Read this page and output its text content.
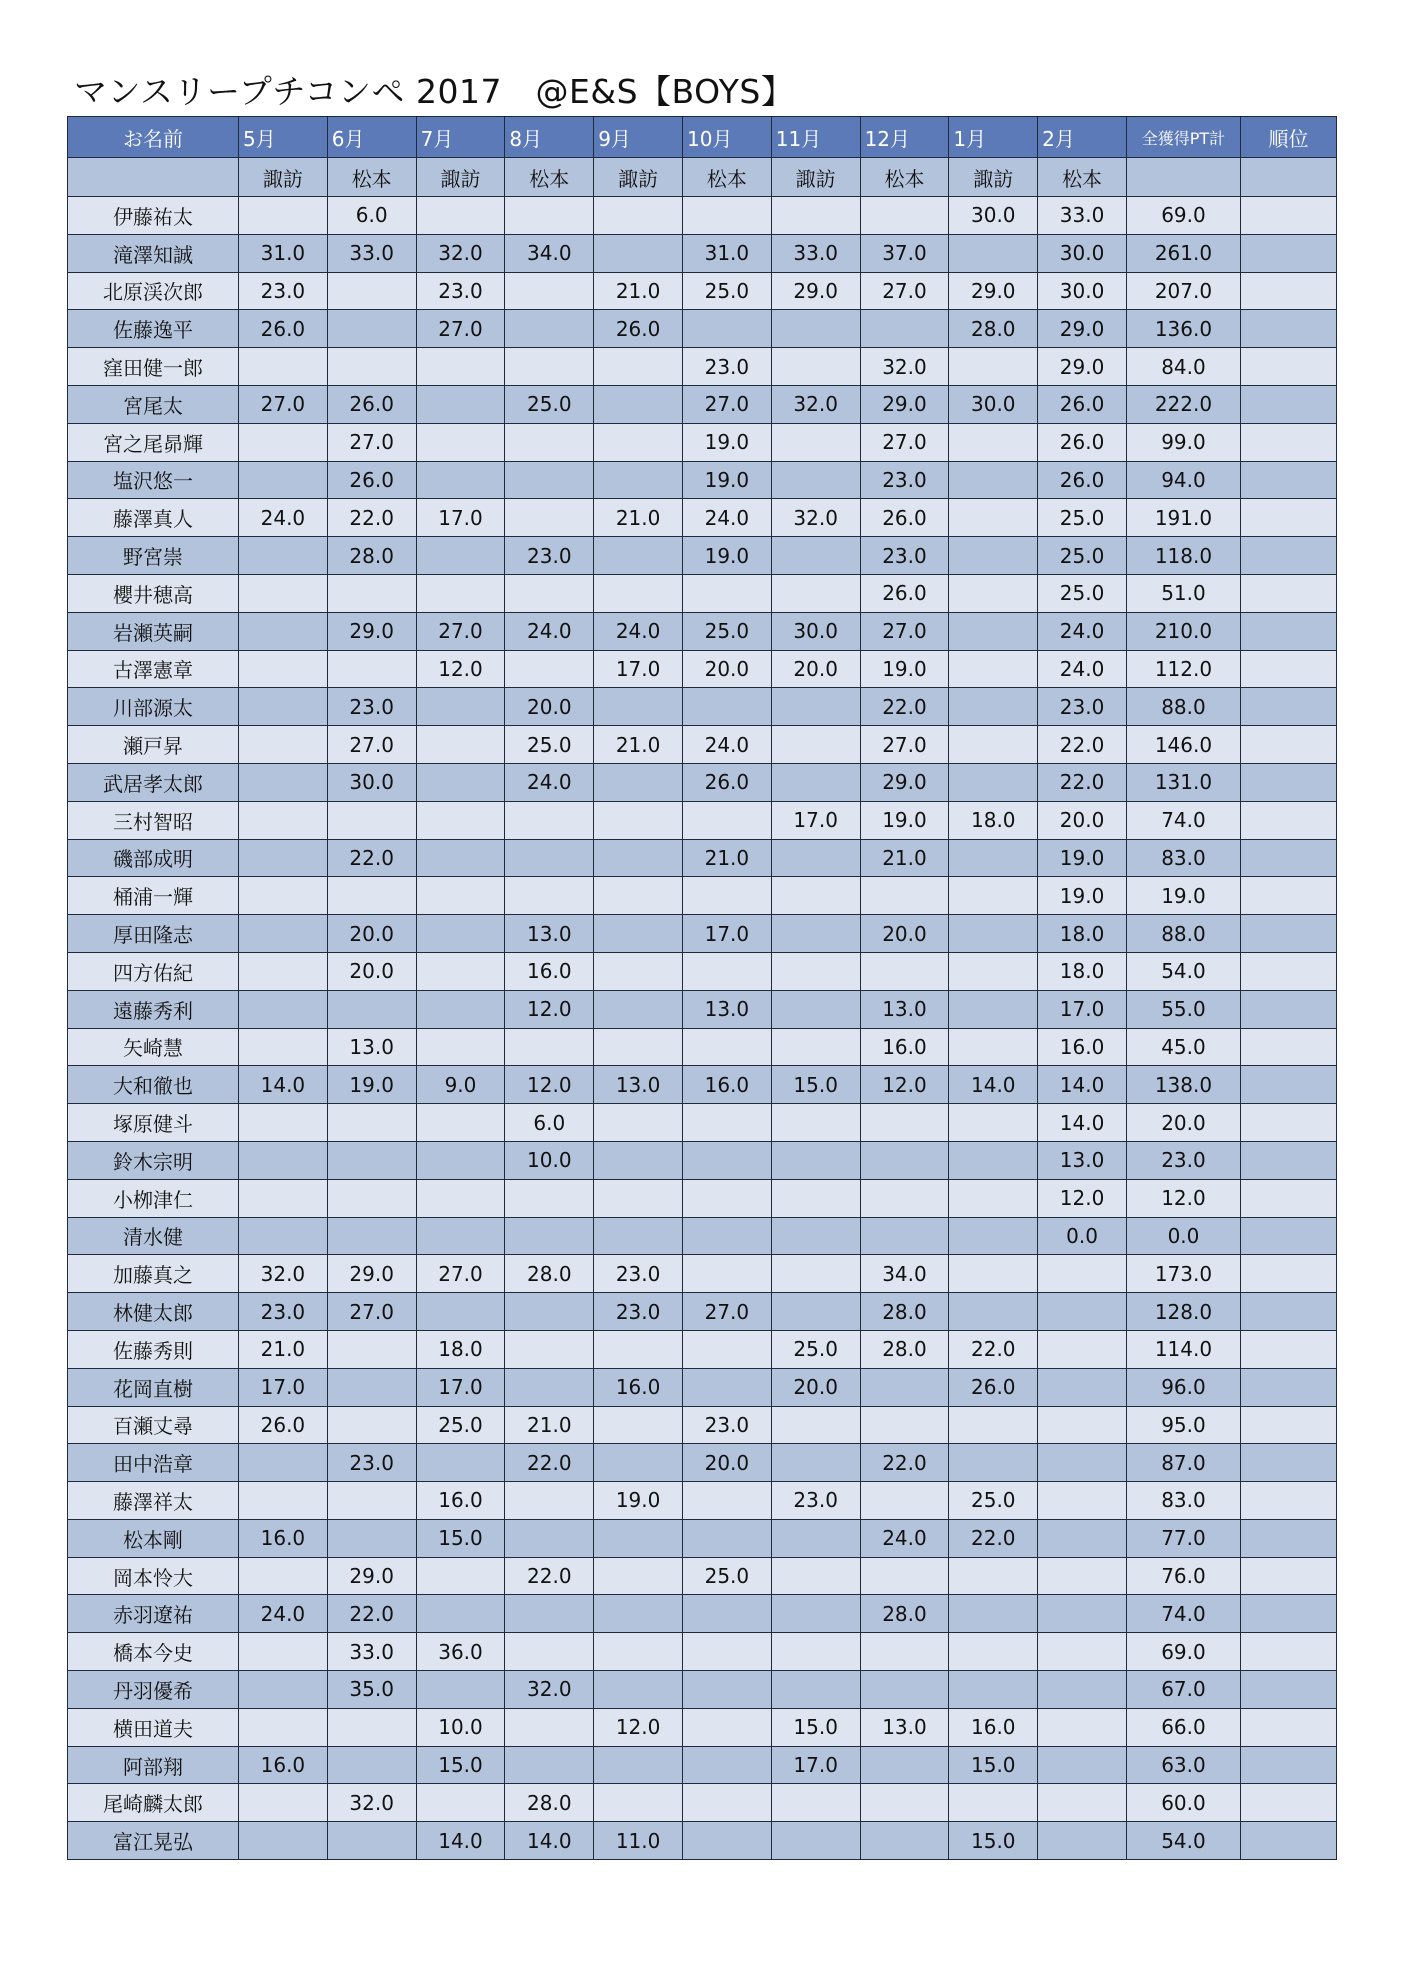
マンスリープチコンペ 2017　@E&S【BOYS】
お名前	5月	6月	7月	8月	9月	10月	11月	12月	1月	2月	全獲得PT計	順位
	諏訪	松本	諏訪	松本	諏訪	松本	諏訪	松本	諏訪	松本		
伊藤祐太		6.0							30.0	33.0	69.0	
滝澤知誠	31.0	33.0	32.0	34.0		31.0	33.0	37.0		30.0	261.0	
北原渓次郎	23.0		23.0		21.0	25.0	29.0	27.0	29.0	30.0	207.0	
佐藤逸平	26.0		27.0		26.0				28.0	29.0	136.0	
窪田健一郎						23.0		32.0		29.0	84.0	
宮尾太	27.0	26.0		25.0		27.0	32.0	29.0	30.0	26.0	222.0	
宮之尾昴輝		27.0				19.0		27.0		26.0	99.0	
塩沢悠一		26.0				19.0		23.0		26.0	94.0	
藤澤真人	24.0	22.0	17.0		21.0	24.0	32.0	26.0		25.0	191.0	
野宮崇		28.0		23.0		19.0		23.0		25.0	118.0	
櫻井穂高								26.0		25.0	51.0	
岩瀬英嗣		29.0	27.0	24.0	24.0	25.0	30.0	27.0		24.0	210.0	
古澤憲章			12.0		17.0	20.0	20.0	19.0		24.0	112.0	
川部源太		23.0		20.0				22.0		23.0	88.0	
瀬戸昇		27.0		25.0	21.0	24.0		27.0		22.0	146.0	
武居孝太郎		30.0		24.0		26.0		29.0		22.0	131.0	
三村智昭							17.0	19.0	18.0	20.0	74.0	
磯部成明		22.0				21.0		21.0		19.0	83.0	
桶浦一輝										19.0	19.0	
厚田隆志		20.0		13.0		17.0		20.0		18.0	88.0	
四方佑紀		20.0		16.0						18.0	54.0	
遠藤秀利				12.0		13.0		13.0		17.0	55.0	
矢崎慧		13.0						16.0		16.0	45.0	
大和徹也	14.0	19.0	9.0	12.0	13.0	16.0	15.0	12.0	14.0	14.0	138.0	
塚原健斗				6.0						14.0	20.0	
鈴木宗明				10.0						13.0	23.0	
小栁津仁										12.0	12.0	
清水健										0.0	0.0	
加藤真之	32.0	29.0	27.0	28.0	23.0			34.0			173.0	
林健太郎	23.0	27.0			23.0	27.0		28.0			128.0	
佐藤秀則	21.0		18.0				25.0	28.0	22.0		114.0	
花岡直樹	17.0		17.0		16.0		20.0		26.0		96.0	
百瀬丈尋	26.0		25.0	21.0		23.0					95.0	
田中浩章		23.0		22.0		20.0		22.0			87.0	
藤澤祥太			16.0		19.0		23.0		25.0		83.0	
松本剛	16.0		15.0					24.0	22.0		77.0	
岡本怜大		29.0		22.0		25.0					76.0	
赤羽遼祐	24.0	22.0						28.0			74.0	
橋本今史		33.0	36.0								69.0	
丹羽優希		35.0		32.0							67.0	
横田道夫			10.0		12.0		15.0	13.0	16.0		66.0	
阿部翔	16.0		15.0				17.0		15.0		63.0	
尾崎麟太郎		32.0		28.0							60.0	
富江晃弘			14.0	14.0	11.0				15.0		54.0	
